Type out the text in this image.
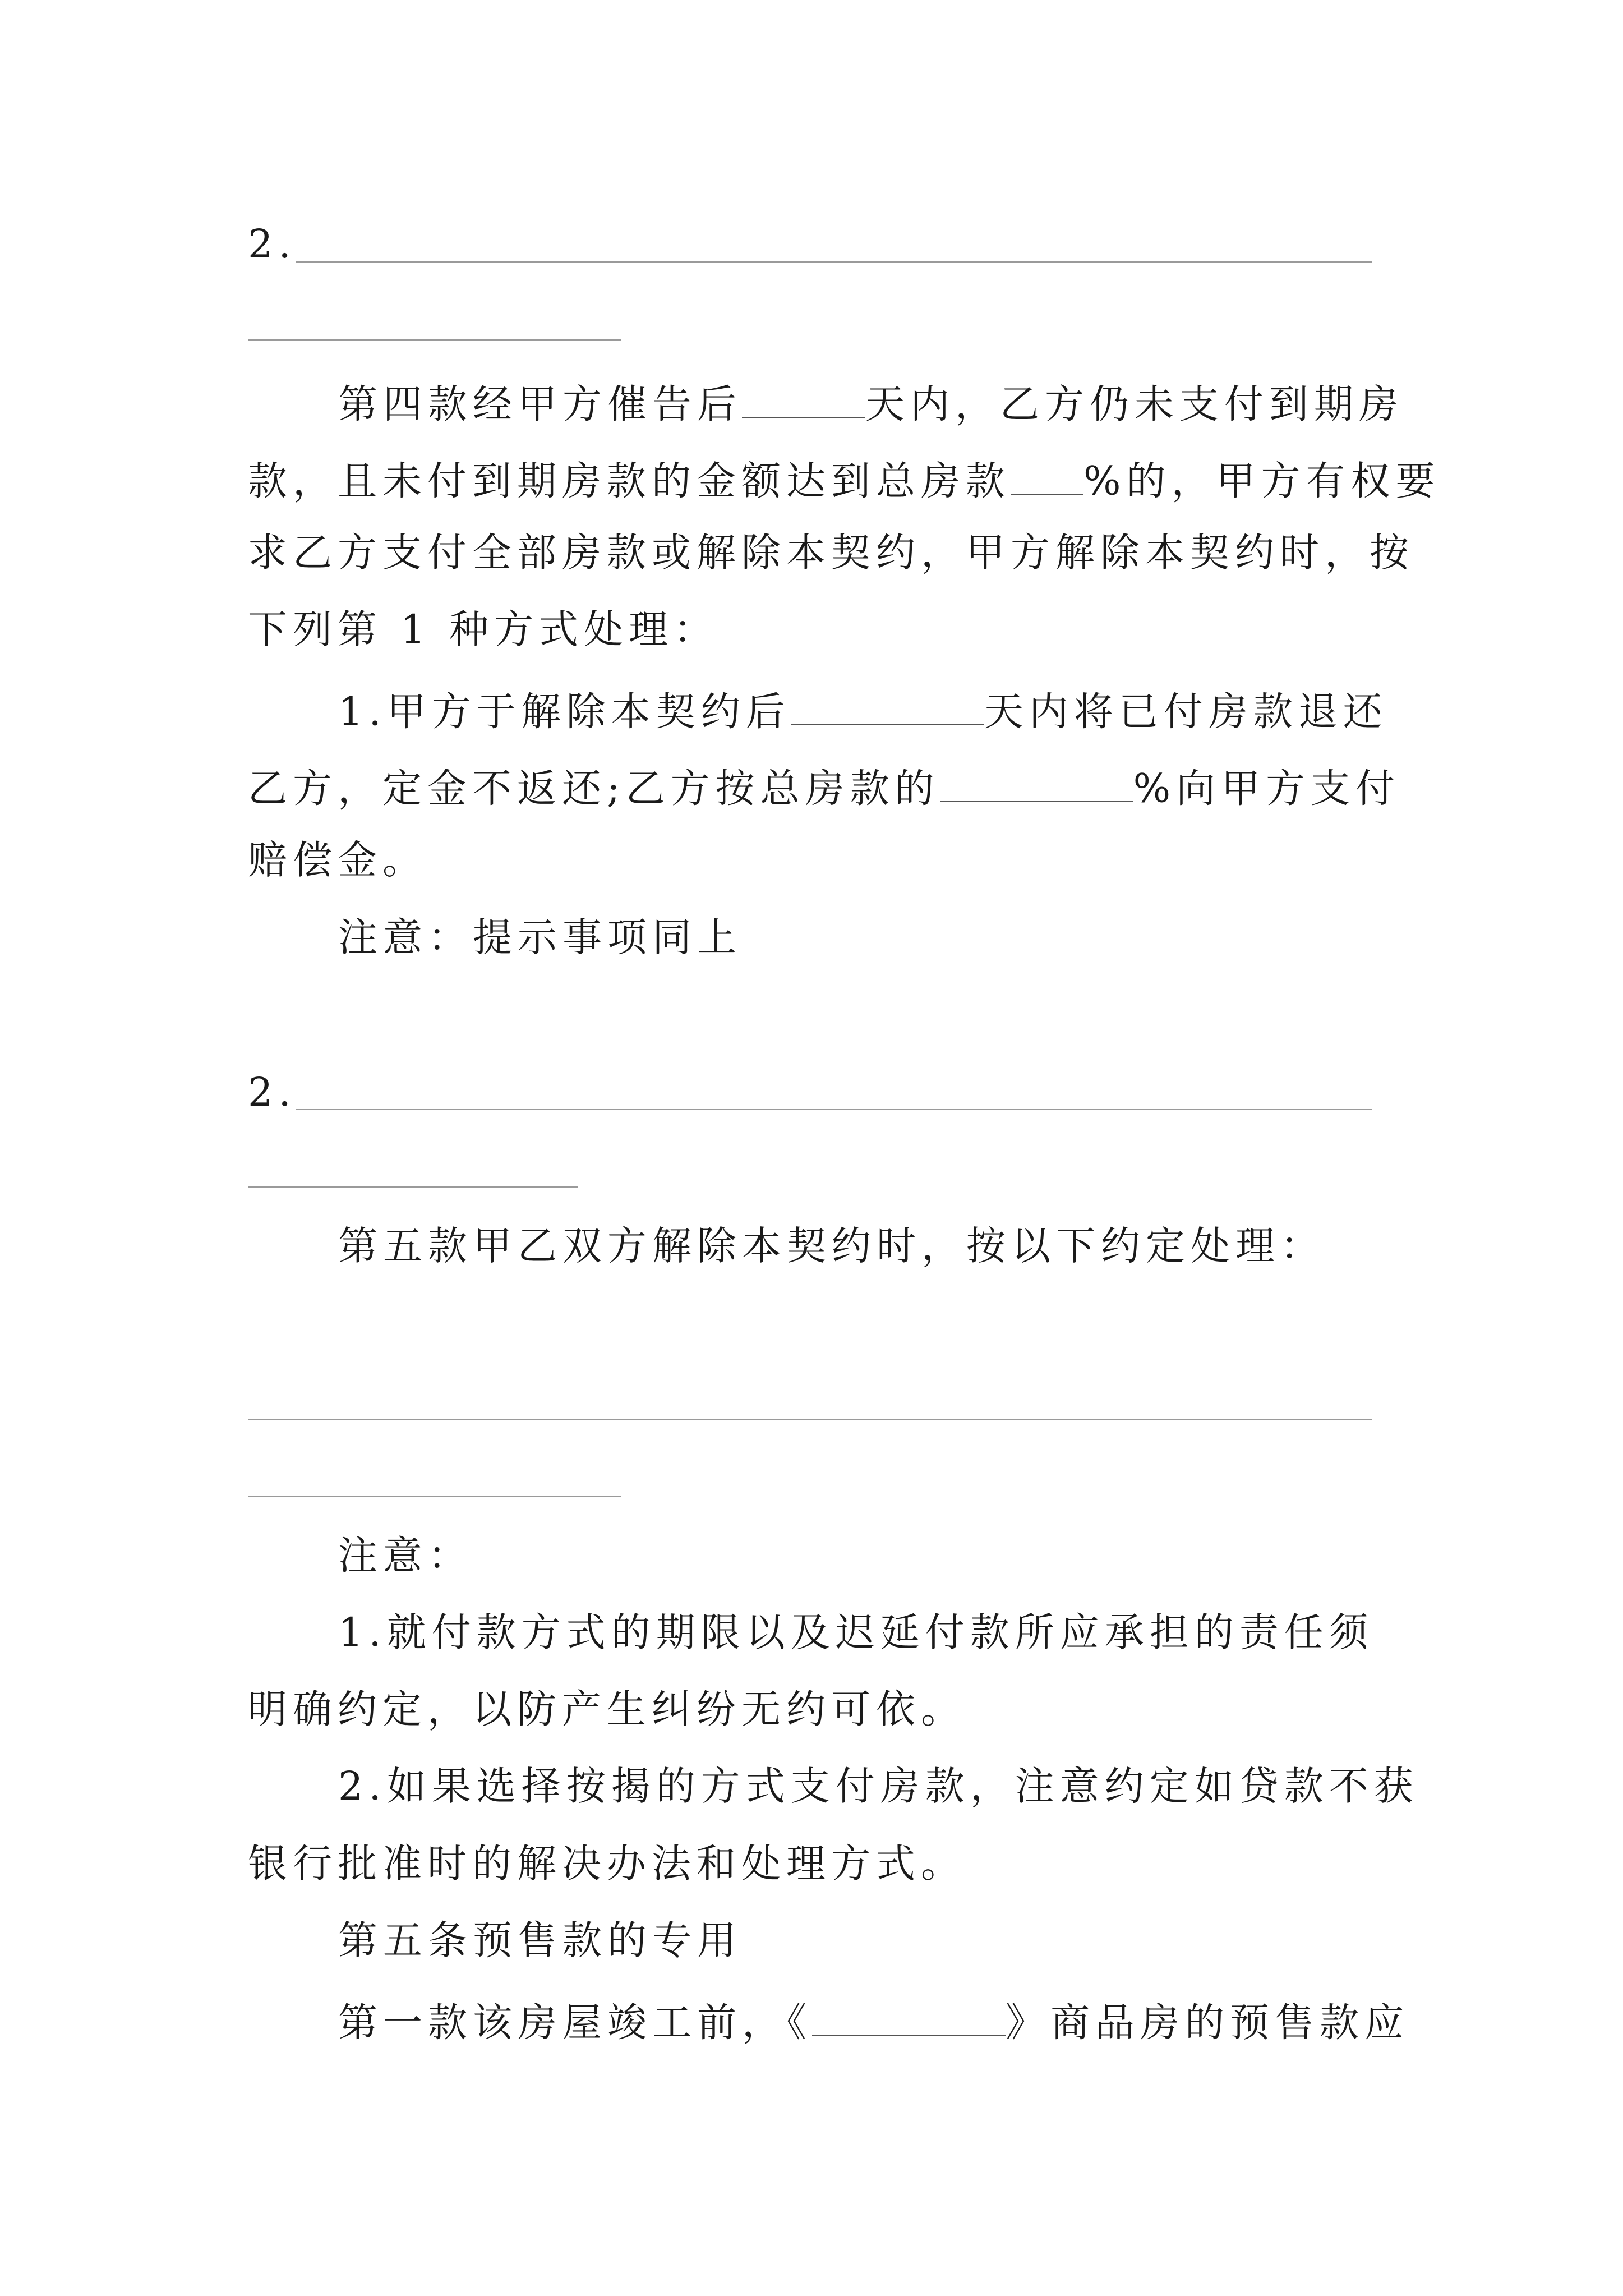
2.
第四款经甲方催告后	天内，乙方仍未支付到期房
款，且未付到期房款的金额达到总房款 %的，甲方有权要
求乙方支付全部房款或解除本契约，甲方解除本契约时，按
下列第 1 种方式处理：
1.甲方于解除本契约后	天内将已付房款退还
乙方，定金不返还;乙方按总房款的	%向甲方支付
赔偿金。
注意：提示事项同上
2.
第五款甲乙双方解除本契约时，按以下约定处理：
注意：
1.就付款方式的期限以及迟延付款所应承担的责任须
明确约定，以防产生纠纷无约可依。
2.如果选择按揭的方式支付房款，注意约定如贷款不获
银行批准时的解决办法和处理方式。
第五条预售款的专用
第一款该房屋竣工前，《	》商品房的预售款应
